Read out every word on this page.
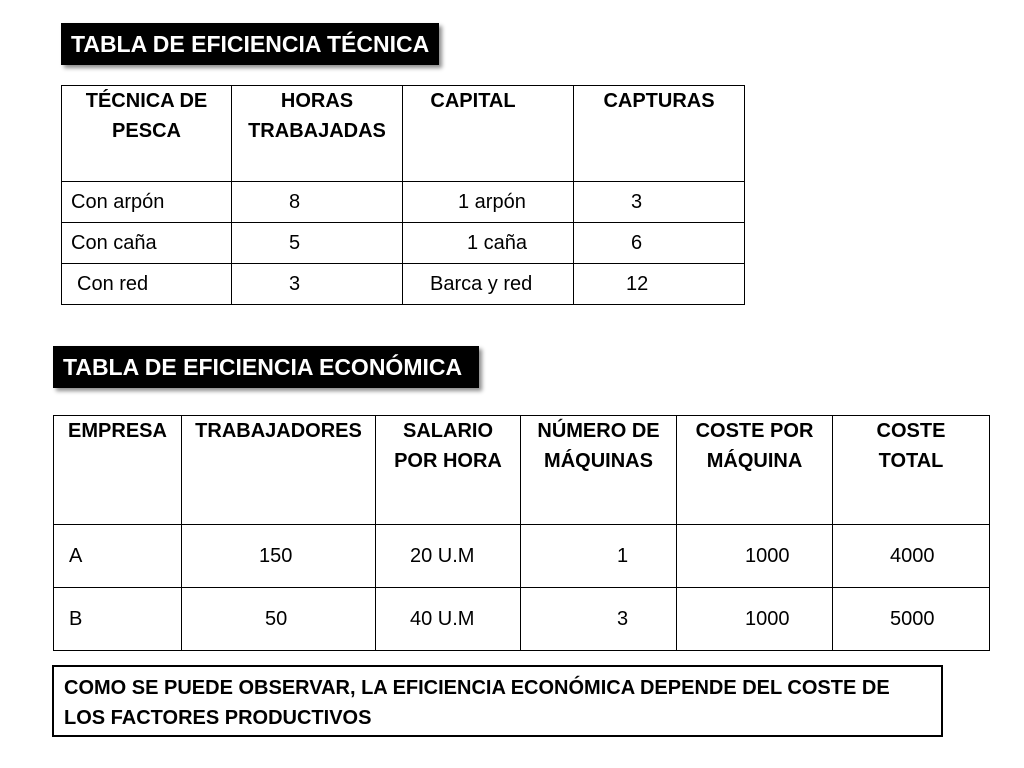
TABLA DE EFICIENCIA TÉCNICA
TÉCNICA DE PESCA	HORAS TRABAJADAS	CAPITAL	CAPTURAS
Con arpón	8	1 arpón	3
Con caña	5	1 caña	6
Con red	3	Barca y red	12
TABLA DE EFICIENCIA ECONÓMICA
EMPRESA	TRABAJADORES	SALARIO POR HORA	NÚMERO DE MÁQUINAS	COSTE POR MÁQUINA	COSTE TOTAL
A	150	20 U.M	1	1000	4000
B	50	40 U.M	3	1000	5000
COMO SE PUEDE OBSERVAR, LA EFICIENCIA ECONÓMICA DEPENDE DEL COSTE DE LOS FACTORES PRODUCTIVOS
